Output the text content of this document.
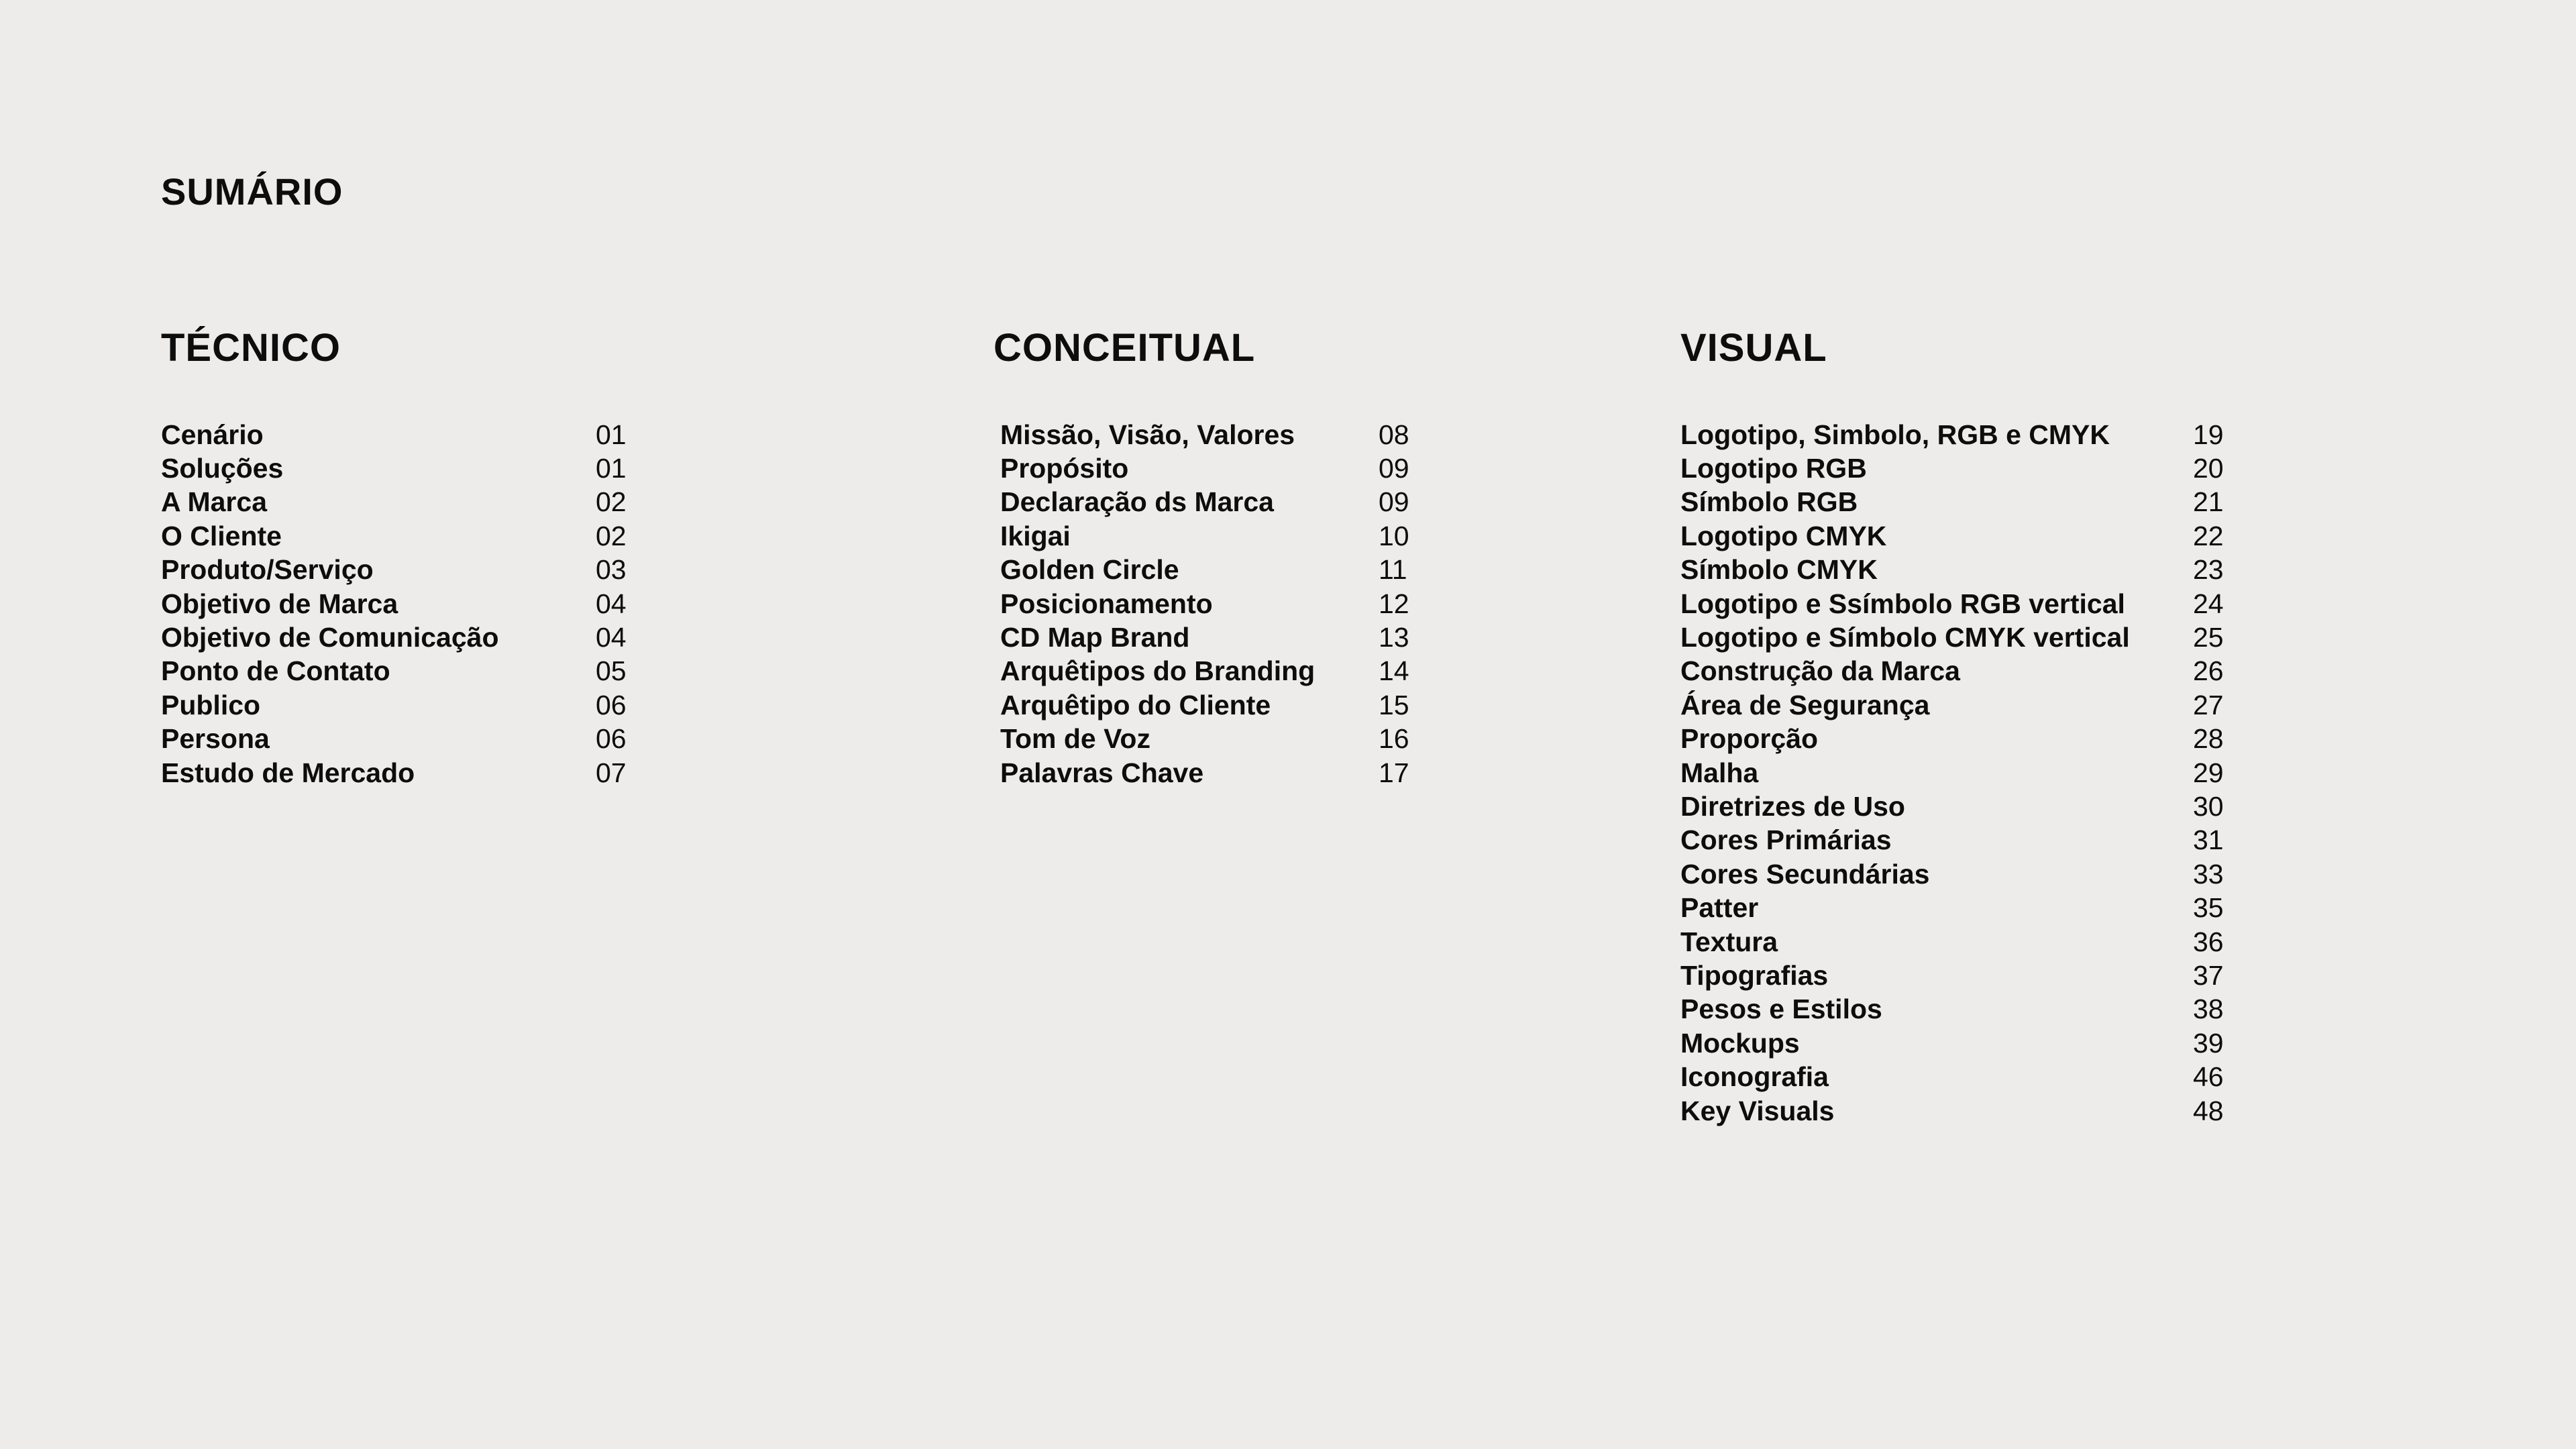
SUMÁRIO
TÉCNICO
Cenário	01
Soluções	01
A Marca	02
O Cliente	02
Produto/Serviço	03
Objetivo de Marca	04
Objetivo de Comunicação	04
Ponto de Contato	05
Publico	06
Persona	06
Estudo de Mercado	07
CONCEITUAL
Missão, Visão, Valores	08
Propósito	09
Declaração ds Marca	09
Ikigai	10
Golden Circle	11
Posicionamento	12
CD Map Brand	13
Arquêtipos do Branding	14
Arquêtipo do Cliente	15
Tom de Voz	16
Palavras Chave	17
VISUAL
Logotipo, Simbolo, RGB e CMYK	19
Logotipo RGB	20
Símbolo RGB	21
Logotipo CMYK	22
Símbolo CMYK	23
Logotipo e Ssímbolo RGB vertical	24
Logotipo e Símbolo CMYK vertical	25
Construção da Marca	26
Área de Segurança	27
Proporção	28
Malha	29
Diretrizes de Uso	30
Cores Primárias	31
Cores Secundárias	33
Patter	35
Textura	36
Tipografias	37
Pesos e Estilos	38
Mockups	39
Iconografia	46
Key Visuals	48
